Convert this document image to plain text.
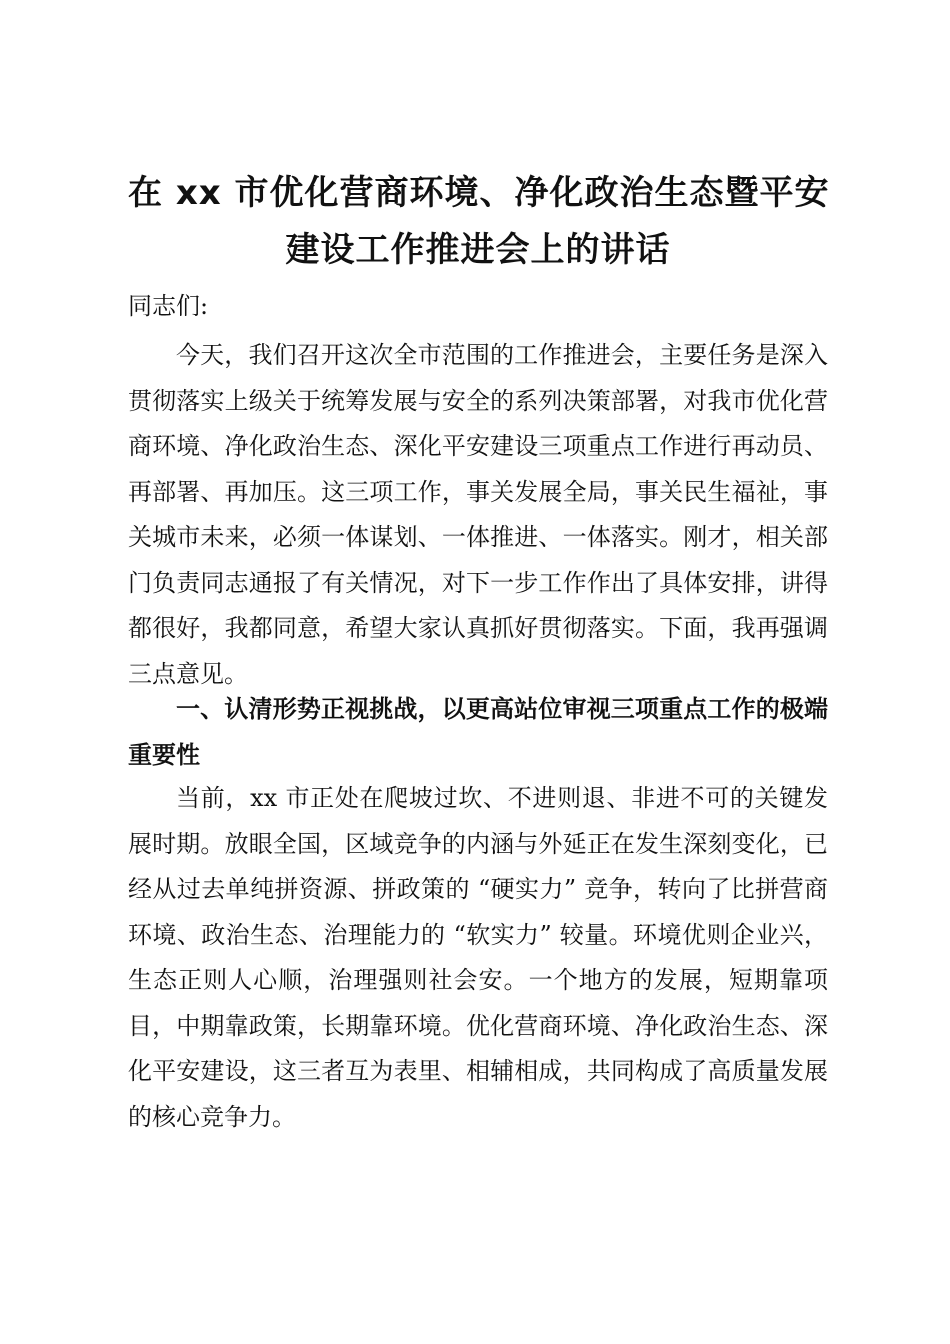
在 xx 市优化营商环境、净化政治生态暨平安
建设工作推进会上的讲话
同志们:

今天，我们召开这次全市范围的工作推进会，主要任务是深入贯彻落实上级关于统筹发展与安全的系列决策部署，对我市优化营商环境、净化政治生态、深化平安建设三项重点工作进行再动员、再部署、再加压。这三项工作，事关发展全局，事关民生福祉，事关城市未来，必须一体谋划、一体推进、一体落实。刚才，相关部门负责同志通报了有关情况，对下一步工作作出了具体安排，讲得都很好，我都同意，希望大家认真抓好贯彻落实。下面，我再强调三点意见。

一、认清形势正视挑战，以更高站位审视三项重点工作的极端重要性

当前，xx 市正处在爬坡过坎、不进则退、非进不可的关键发展时期。放眼全国，区域竞争的内涵与外延正在发生深刻变化，已经从过去单纯拼资源、拼政策的 “硬实力” 竞争，转向了比拼营商环境、政治生态、治理能力的 “软实力” 较量。环境优则企业兴，生态正则人心顺，治理强则社会安。一个地方的发展，短期靠项目，中期靠政策，长期靠环境。优化营商环境、净化政治生态、深化平安建设，这三者互为表里、相辅相成，共同构成了高质量发展的核心竞争力。
